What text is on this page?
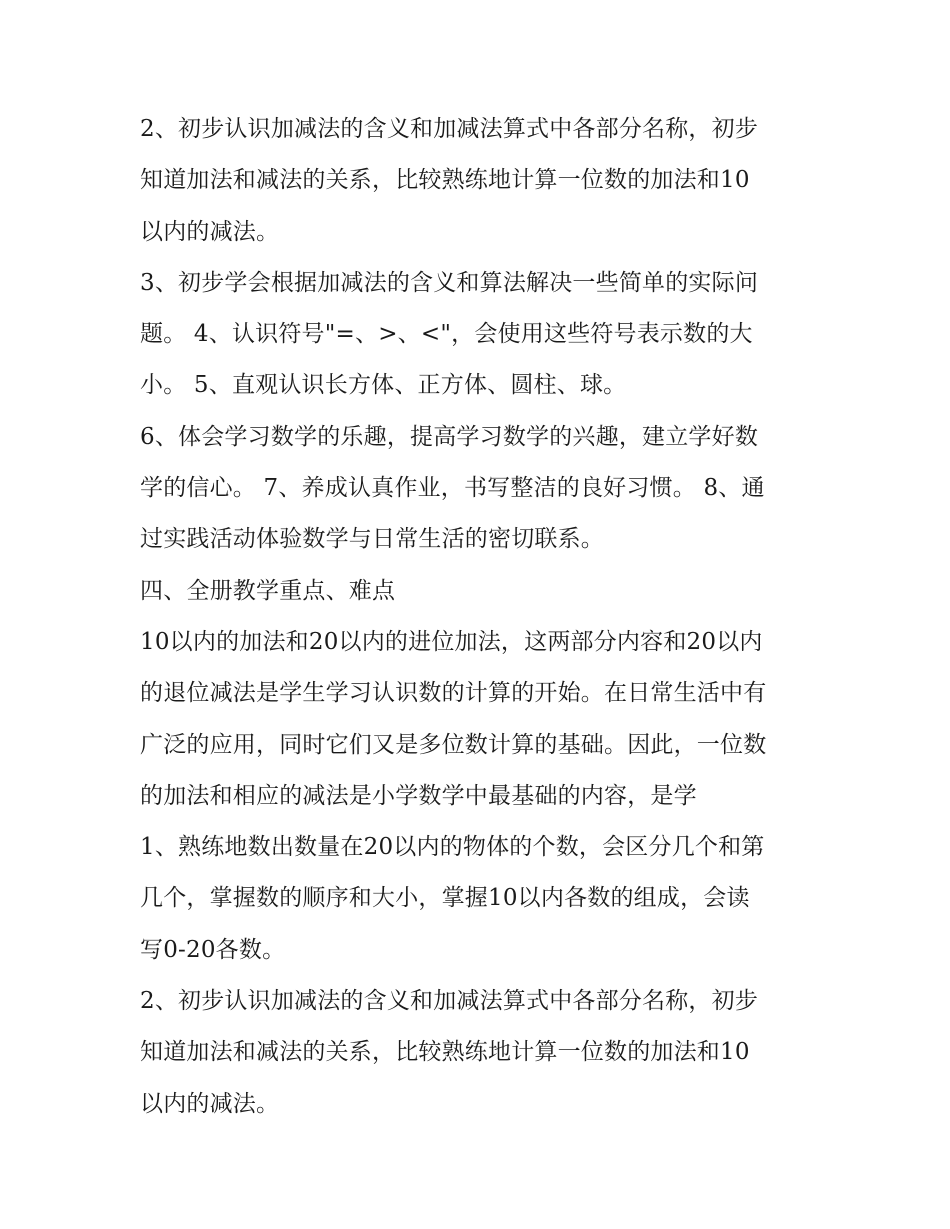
2、初步认识加减法的含义和加减法算式中各部分名称，初步
知道加法和减法的关系，比较熟练地计算一位数的加法和10
以内的减法。
3、初步学会根据加减法的含义和算法解决一些简单的实际问
题。 4、认识符号"=、>、<"，会使用这些符号表示数的大
小。 5、直观认识长方体、正方体、圆柱、球。
6、体会学习数学的乐趣，提高学习数学的兴趣，建立学好数
学的信心。 7、养成认真作业，书写整洁的良好习惯。 8、通
过实践活动体验数学与日常生活的密切联系。
四、全册教学重点、难点
10以内的加法和20以内的进位加法，这两部分内容和20以内
的退位减法是学生学习认识数的计算的开始。在日常生活中有
广泛的应用，同时它们又是多位数计算的基础。因此，一位数
的加法和相应的减法是小学数学中最基础的内容，是学
1、熟练地数出数量在20以内的物体的个数，会区分几个和第
几个，掌握数的顺序和大小，掌握10以内各数的组成，会读
写0-20各数。
2、初步认识加减法的含义和加减法算式中各部分名称，初步
知道加法和减法的关系，比较熟练地计算一位数的加法和10
以内的减法。
